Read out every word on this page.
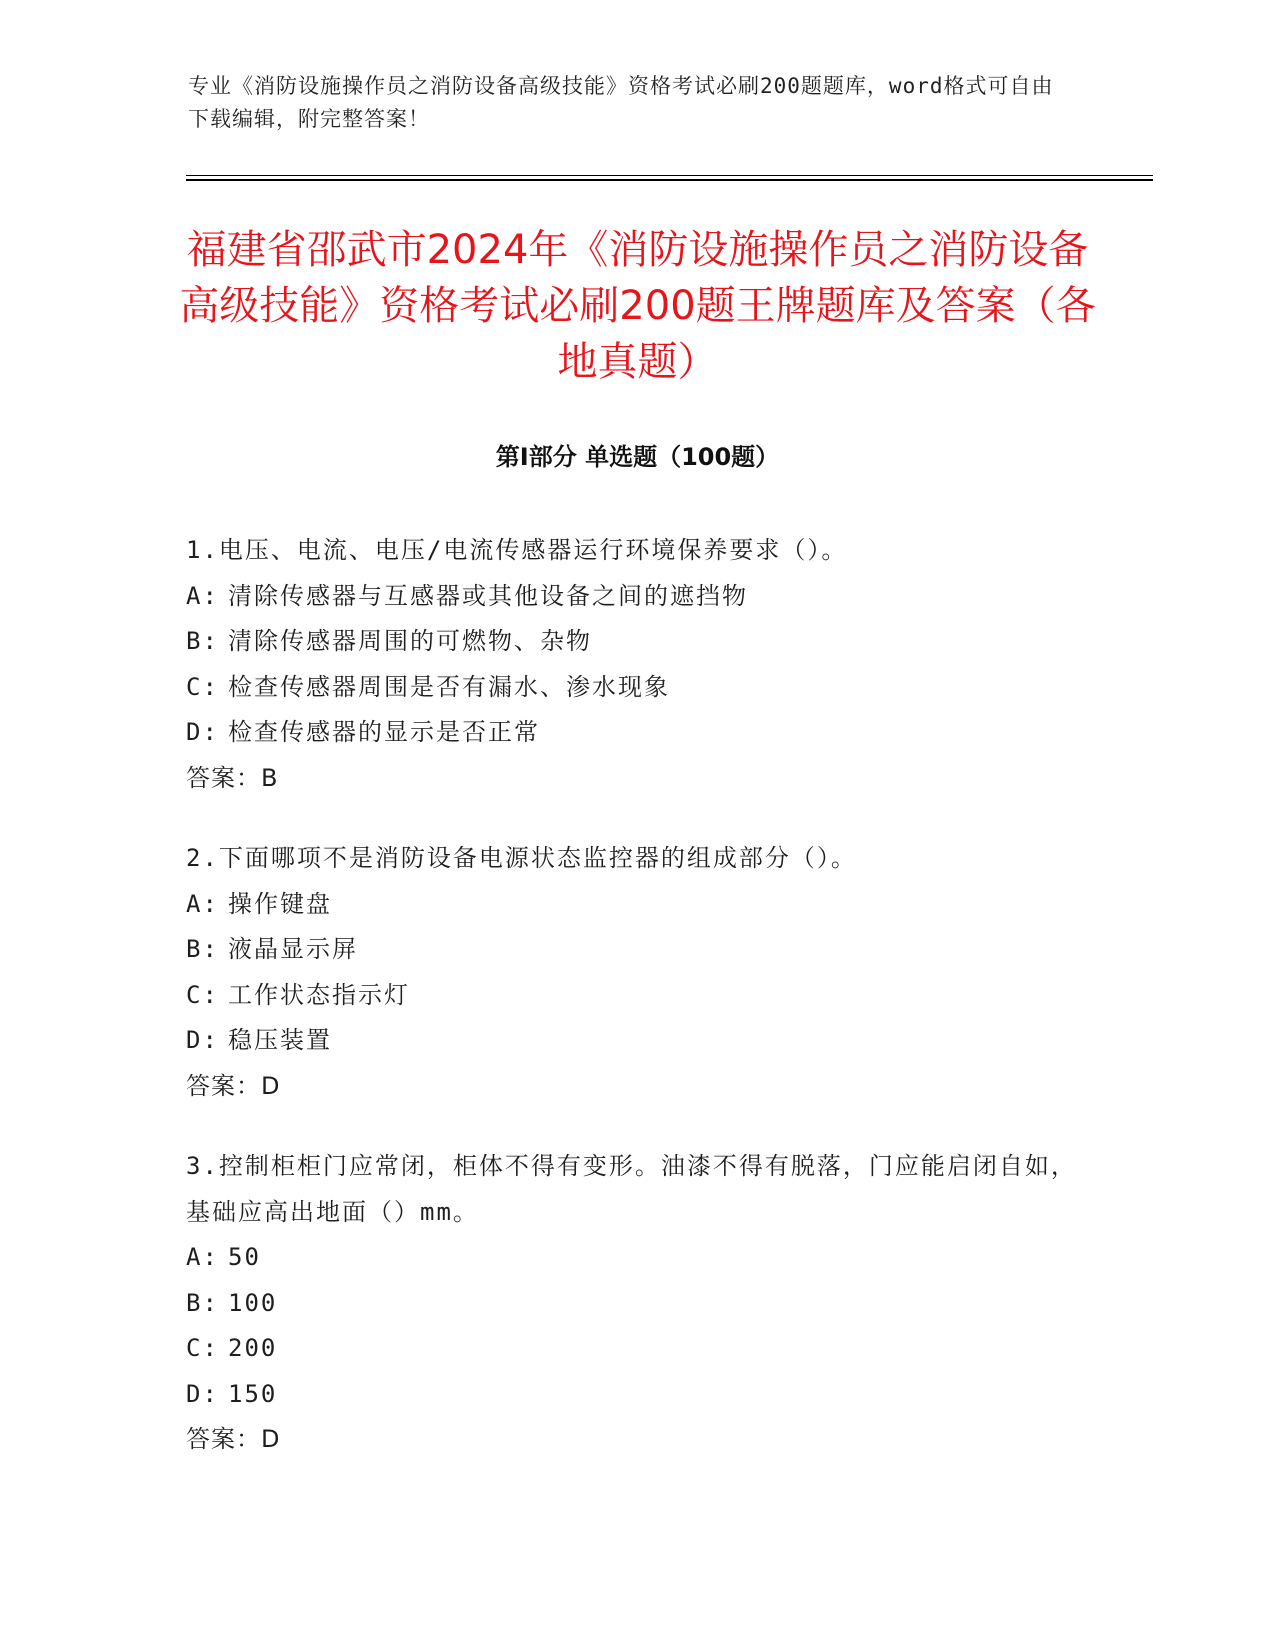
专业《消防设施操作员之消防设备高级技能》资格考试必刷200题题库，word格式可自由下载编辑，附完整答案！
福建省邵武市2024年《消防设施操作员之消防设备高级技能》资格考试必刷200题王牌题库及答案（各地真题）
第Ⅰ部分 单选题（100题）

1.电压、电流、电压/电流传感器运行环境保养要求（）。

A: 清除传感器与互感器或其他设备之间的遮挡物

B: 清除传感器周围的可燃物、杂物

C: 检查传感器周围是否有漏水、渗水现象

D: 检查传感器的显示是否正常

答案：B

2.下面哪项不是消防设备电源状态监控器的组成部分（）。

A: 操作键盘

B: 液晶显示屏

C: 工作状态指示灯

D: 稳压装置

答案：D

3.控制柜柜门应常闭，柜体不得有变形。油漆不得有脱落，门应能启闭自如，基础应高出地面（）mm。

A: 50

B: 100

C: 200

D: 150

答案：D
